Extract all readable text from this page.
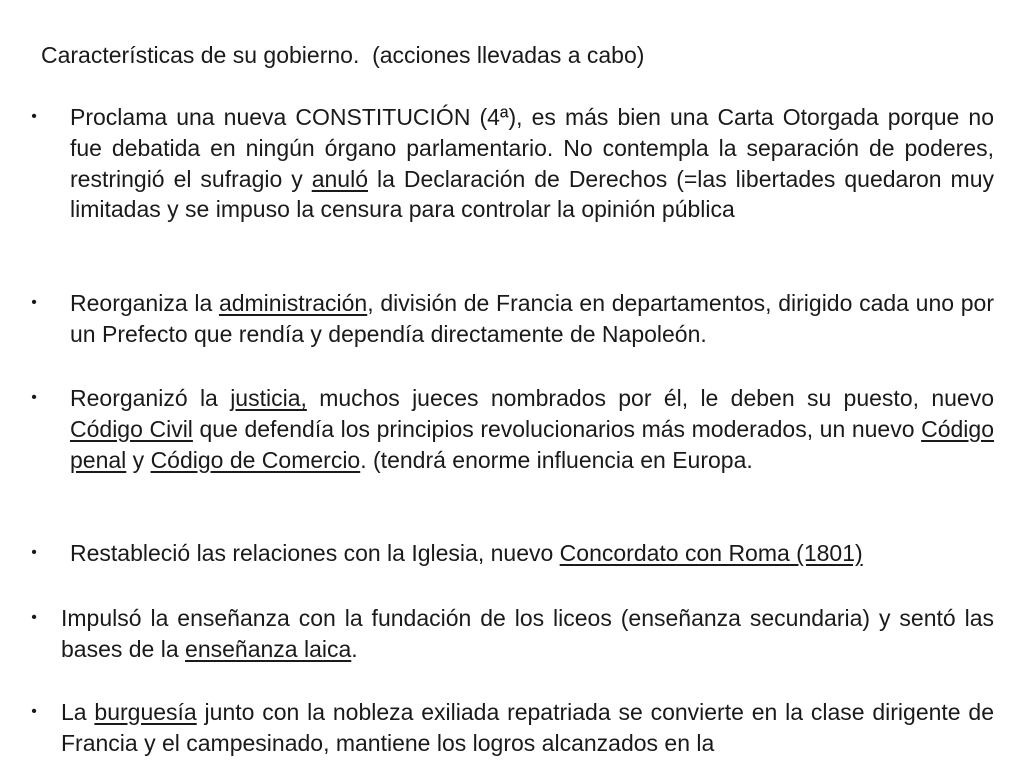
Características de su gobierno.  (acciones llevadas a cabo)
•	Proclama una nueva CONSTITUCIÓN (4ª), es más bien una Carta Otorgada porque no fue debatida en ningún órgano parlamentario. No contempla la separación de poderes, restringió el sufragio y anuló la Declaración de Derechos (=las libertades quedaron muy limitadas y se impuso la censura para controlar la opinión pública
•	Reorganiza la administración, división de Francia en departamentos, dirigido cada uno por un Prefecto que rendía y dependía directamente de Napoleón.
•	Reorganizó la justicia, muchos jueces nombrados por él, le deben su puesto, nuevo Código Civil que defendía los principios revolucionarios más moderados, un nuevo Código penal y Código de Comercio. (tendrá enorme influencia en Europa.
•	Restableció las relaciones con la Iglesia, nuevo Concordato con Roma (1801)
•	Impulsó la enseñanza con la fundación de los liceos (enseñanza secundaria) y sentó las bases de la enseñanza laica.
•	La burguesía junto con la nobleza exiliada repatriada se convierte en la clase dirigente de Francia y el campesinado, mantiene los logros alcanzados en la
